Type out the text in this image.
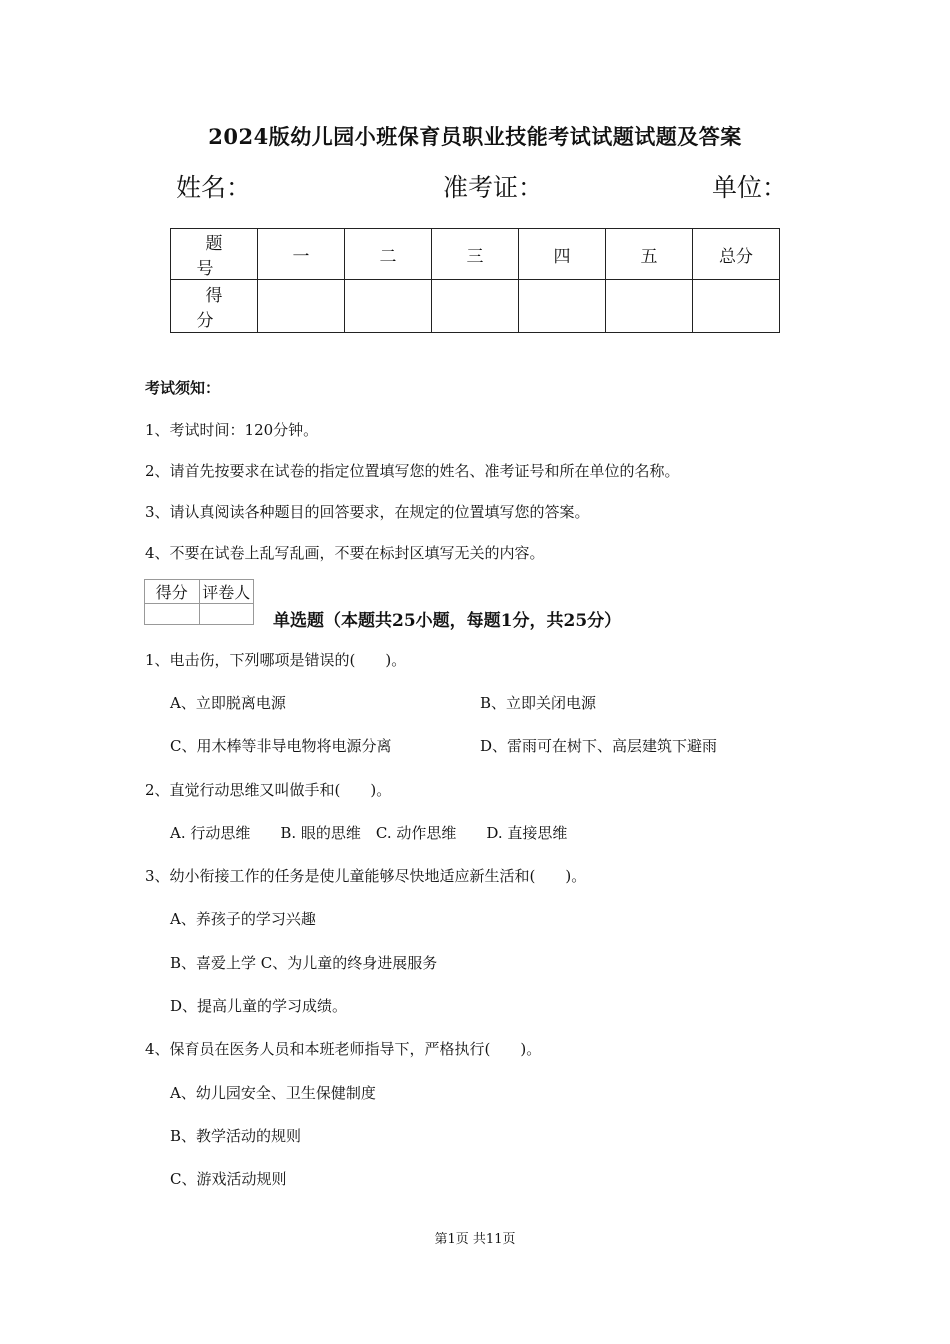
2024版幼儿园小班保育员职业技能考试试题试题及答案
姓名：	准考证：	单位：
题　号	一	二	三	四	五	总分
得　分						
考试须知：
1、考试时间：120分钟。
2、请首先按要求在试卷的指定位置填写您的姓名、准考证号和所在单位的名称。
3、请认真阅读各种题目的回答要求，在规定的位置填写您的答案。
4、不要在试卷上乱写乱画，不要在标封区填写无关的内容。
得分	评卷人

单选题（本题共25小题，每题1分，共25分）
1、电击伤，下列哪项是错误的(　　)。
A、立即脱离电源	B、立即关闭电源
C、用木棒等非导电物将电源分离	D、雷雨可在树下、高层建筑下避雨
2、直觉行动思维又叫做手和(　　)。
A. 行动思维　　B. 眼的思维　C. 动作思维　　D. 直接思维
3、幼小衔接工作的任务是使儿童能够尽快地适应新生活和(　　)。
A、养孩子的学习兴趣
B、喜爱上学 C、为儿童的终身进展服务
D、提高儿童的学习成绩。
4、保育员在医务人员和本班老师指导下，严格执行(　　)。
A、幼儿园安全、卫生保健制度
B、教学活动的规则
C、游戏活动规则
第1页 共11页
